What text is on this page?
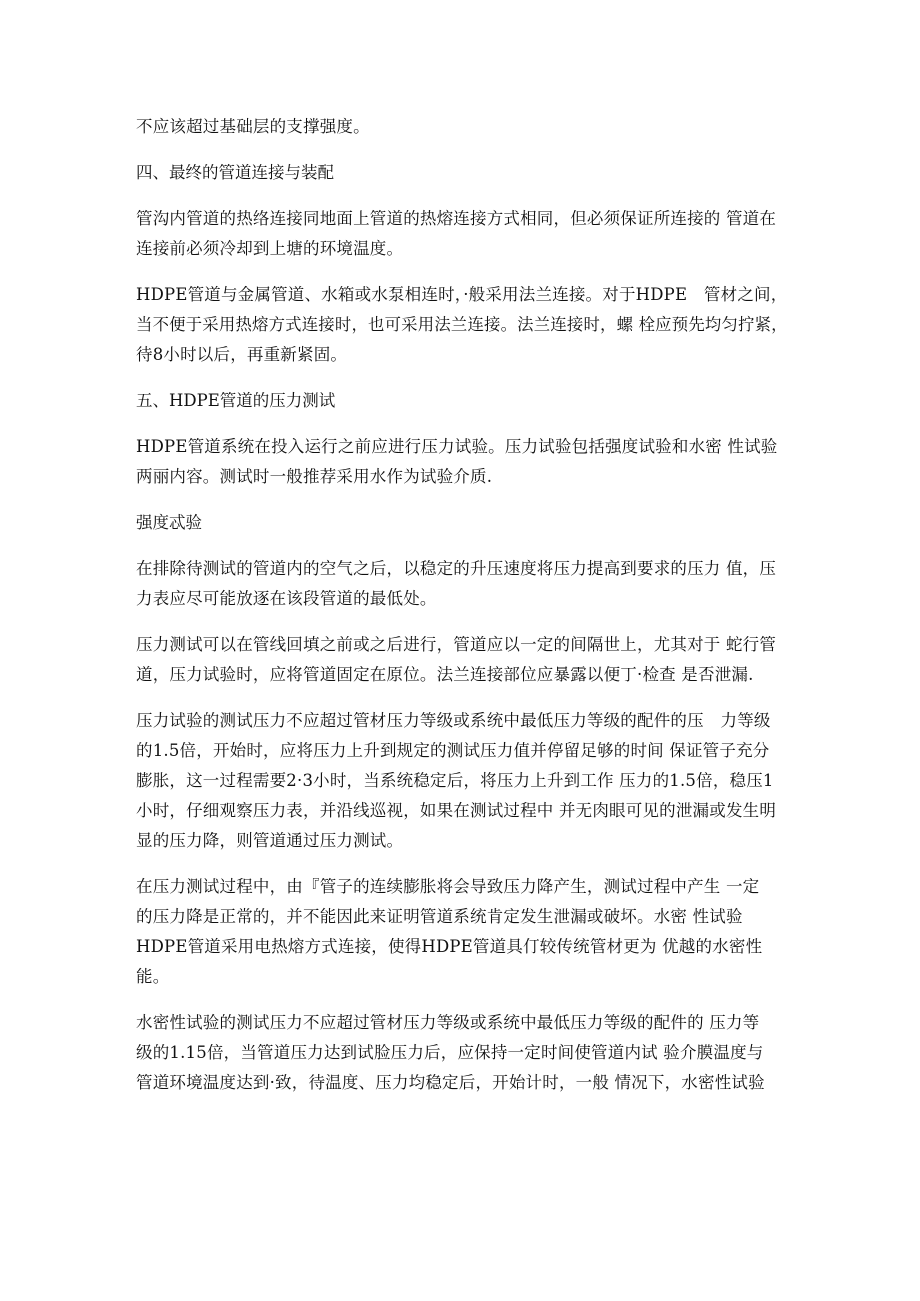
不应该超过基础层的支撑强度。

四、最终的管道连接与装配

管沟内管道的热络连接同地面上管道的热熔连接方式相同，但必须保证所连接的 管道在
连接前必须冷却到上塘的环境温度。

HDPE管道与金属管道、水箱或水泵相连时，·般采用法兰连接。对于HDPE　管材之间，
当不便于采用热熔方式连接时，也可采用法兰连接。法兰连接时，螺 栓应预先均匀拧紧，
待8小时以后，再重新紧固。

五、HDPE管道的压力测试

HDPE管道系统在投入运行之前应进行压力试验。压力试验包括强度试验和水密 性试验
两丽内容。测试时一般推荐采用水作为试验介质.

强度忒验

在排除待测试的管道内的空气之后，以稳定的升压速度将压力提高到要求的压力 值，压
力表应尽可能放逐在该段管道的最低处。

压力测试可以在管线回填之前或之后进行，管道应以一定的间隔世上，尤其对于 蛇行管
道，压力试验时，应将管道固定在原位。法兰连接部位应暴露以便丁·检查 是否泄漏.

压力试验的测试压力不应超过管材压力等级或系统中最低压力等级的配件的压　力等级
的1.5倍，开始时，应将压力上升到规定的测试压力值并停留足够的时间 保证管子充分
膨胀，这一过程需要2·3小时，当系统稳定后，将压力上升到工作 压力的1.5倍，稳压1
小时，仔细观察压力表，并沿线巡视，如果在测试过程中 并无肉眼可见的泄漏或发生明
显的压力降，则管道通过压力测试。

在压力测试过程中，由『管子的连续膨胀将会导致压力降产生，测试过程中产生 一定
的压力降是正常的，并不能因此来证明管道系统肯定发生泄漏或破坏。水密 性试验
HDPE管道采用电热熔方式连接，使得HDPE管道具仃较传统管材更为 优越的水密性
能。

水密性试验的测试压力不应超过管材压力等级或系统中最低压力等级的配件的 压力等
级的1.15倍，当管道压力达到试脸压力后，应保持一定时间使管道内试 验介膜温度与
管道环境温度达到·致，待温度、压力均稳定后，开始计时，一般 情况下，水密性试验
